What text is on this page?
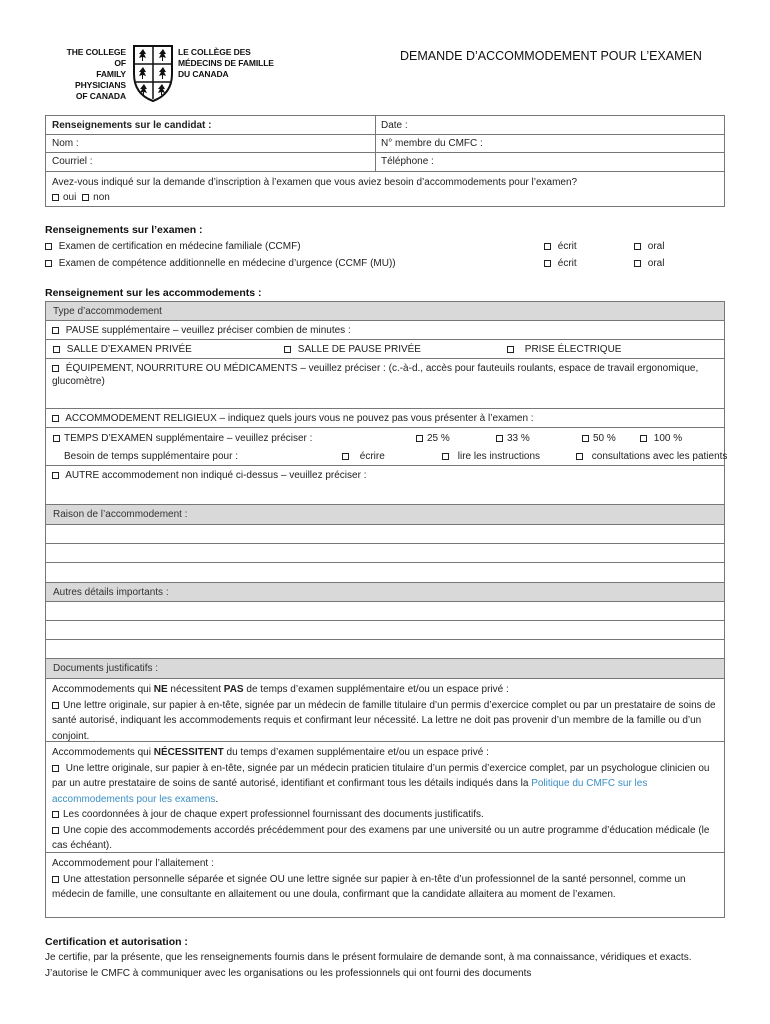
THE COLLEGE OF
FAMILY PHYSICIANS
OF CANADA
LE COLLÈGE DES
MÉDECINS DE FAMILLE
DU CANADA
DEMANDE D’ACCOMMODEMENT POUR L’EXAMEN
Renseignements sur le candidat :	Date :
Nom :	N° membre du CMFC :
Courriel :	Téléphone :
Avez-vous indiqué sur la demande d’inscription à l’examen que vous aviez besoin d’accommodements pour l’examen?
oui non
Renseignements sur l’examen :
Examen de certification en médecine familiale (CCMF)	écrit	oral
Examen de compétence additionnelle en médecine d’urgence (CCMF (MU))	écrit	oral
Renseignement sur les accommodements :
Type d’accommodement
PAUSE supplémentaire – veuillez préciser combien de minutes :
SALLE D’EXAMEN PRIVÉE	SALLE DE PAUSE PRIVÉE	PRISE ÉLECTRIQUE
ÉQUIPEMENT, NOURRITURE OU MÉDICAMENTS – veuillez préciser : (c.-à-d., accès pour fauteuils roulants, espace de travail ergonomique, glucomètre)
ACCOMMODEMENT RELIGIEUX – indiquez quels jours vous ne pouvez pas vous présenter à l’examen :
TEMPS D’EXAMEN supplémentaire – veuillez préciser :	25 %	33 %	50 %	100 %
Besoin de temps supplémentaire pour :	écrire	lire les instructions	consultations avec les patients
AUTRE accommodement non indiqué ci-dessus – veuillez préciser :
Raison de l’accommodement :
Autres détails importants :
Documents justificatifs :
Accommodements qui NE nécessitent PAS de temps d’examen supplémentaire et/ou un espace privé :
Une lettre originale, sur papier à en-tête, signée par un médecin de famille titulaire d’un permis d’exercice complet ou par un prestataire de soins de santé autorisé, indiquant les accommodements requis et confirmant leur nécessité. La lettre ne doit pas provenir d’un membre de la famille ou d’un conjoint.
Accommodements qui NÉCESSITENT du temps d’examen supplémentaire et/ou un espace privé :
Une lettre originale, sur papier à en-tête, signée par un médecin praticien titulaire d’un permis d’exercice complet, par un psychologue clinicien ou par un autre prestataire de soins de santé autorisé, identifiant et confirmant tous les détails indiqués dans la Politique du CMFC sur les accommodements pour les examens.
Les coordonnées à jour de chaque expert professionnel fournissant des documents justificatifs.
Une copie des accommodements accordés précédemment pour des examens par une université ou un autre programme d’éducation médicale (le cas échéant).
Accommodement pour l’allaitement :
Une attestation personnelle séparée et signée OU une lettre signée sur papier à en-tête d’un professionnel de la santé personnel, comme un médecin de famille, une consultante en allaitement ou une doula, confirmant que la candidate allaitera au moment de l’examen.
Certification et autorisation :
Je certifie, par la présente, que les renseignements fournis dans le présent formulaire de demande sont, à ma connaissance, véridiques et exacts. J’autorise le CMFC à communiquer avec les organisations ou les professionnels qui ont fourni des documents
